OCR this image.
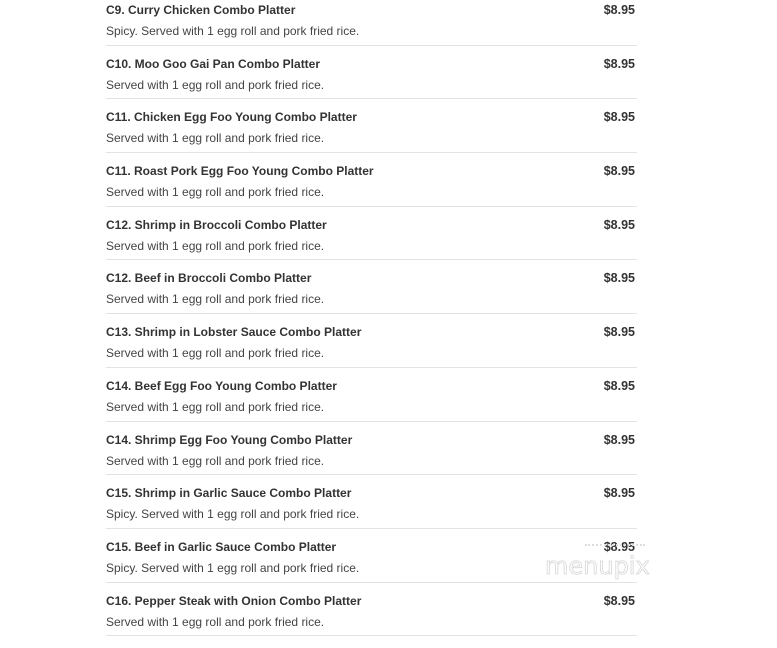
C9. Curry Chicken Combo Platter
Spicy. Served with 1 egg roll and pork fried rice.
$8.95
C10. Moo Goo Gai Pan Combo Platter
Served with 1 egg roll and pork fried rice.
$8.95
C11. Chicken Egg Foo Young Combo Platter
Served with 1 egg roll and pork fried rice.
$8.95
C11. Roast Pork Egg Foo Young Combo Platter
Served with 1 egg roll and pork fried rice.
$8.95
C12. Shrimp in Broccoli Combo Platter
Served with 1 egg roll and pork fried rice.
$8.95
C12. Beef in Broccoli Combo Platter
Served with 1 egg roll and pork fried rice.
$8.95
C13. Shrimp in Lobster Sauce Combo Platter
Served with 1 egg roll and pork fried rice.
$8.95
C14. Beef Egg Foo Young Combo Platter
Served with 1 egg roll and pork fried rice.
$8.95
C14. Shrimp Egg Foo Young Combo Platter
Served with 1 egg roll and pork fried rice.
$8.95
C15. Shrimp in Garlic Sauce Combo Platter
Spicy. Served with 1 egg roll and pork fried rice.
$8.95
C15. Beef in Garlic Sauce Combo Platter
Spicy. Served with 1 egg roll and pork fried rice.
$8.95
C16. Pepper Steak with Onion Combo Platter
Served with 1 egg roll and pork fried rice.
$8.95
menupix
